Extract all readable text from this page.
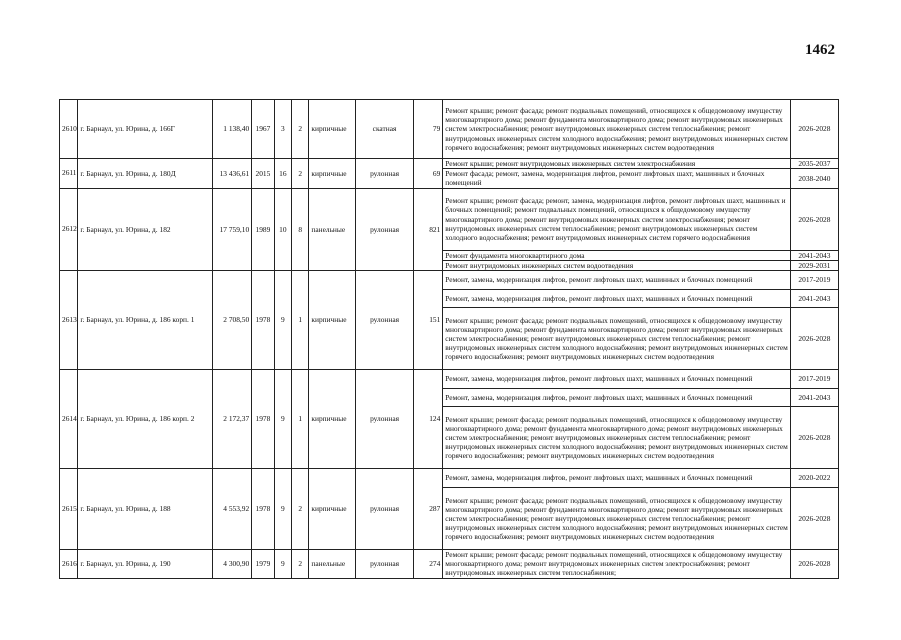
1462
2610	г. Барнаул, ул. Юрина, д. 166Г	1 138,40	1967	3	2	кирпичные	скатная	79	Ремонт крыши; ремонт фасада; ремонт подвальных помещений, относящихся к общедомовому имуществу многоквартирного дома; ремонт фундамента многоквартирного дома; ремонт внутридомовых инженерных систем электроснабжения; ремонт внутридомовых инженерных систем теплоснабжения; ремонт внутридомовых инженерных систем холодного водоснабжения; ремонт внутридомовых инженерных систем горячего водоснабжения; ремонт внутридомовых инженерных систем водоотведения	2026-2028
2611	г. Барнаул, ул. Юрина, д. 180Д	13 436,61	2015	16	2	кирпичные	рулонная	69	Ремонт крыши; ремонт внутридомовых инженерных систем электроснабжения	2035-2037
									Ремонт фасада; ремонт, замена, модернизация лифтов, ремонт лифтовых шахт, машинных и блочных помещений	2038-2040
2612	г. Барнаул, ул. Юрина, д. 182	17 759,10	1989	10	8	панельные	рулонная	821	Ремонт крыши; ремонт фасада; ремонт, замена, модернизация лифтов, ремонт лифтовых шахт, машинных и блочных помещений; ремонт подвальных помещений, относящихся к общедомовому имуществу многоквартирного дома; ремонт внутридомовых инженерных систем электроснабжения; ремонт внутридомовых инженерных систем теплоснабжения; ремонт внутридомовых инженерных систем холодного водоснабжения; ремонт внутридомовых инженерных систем горячего водоснабжения	2026-2028
									Ремонт фундамента многоквартирного дома	2041-2043
									Ремонт внутридомовых инженерных систем водоотведения	2029-2031
2613	г. Барнаул, ул. Юрина, д. 186 корп. 1	2 708,50	1978	9	1	кирпичные	рулонная	151	Ремонт, замена, модернизация лифтов, ремонт лифтовых шахт, машинных и блочных помещений	2017-2019
									Ремонт, замена, модернизация лифтов, ремонт лифтовых шахт, машинных и блочных помещений	2041-2043
									Ремонт крыши; ремонт фасада; ремонт подвальных помещений, относящихся к общедомовому имуществу многоквартирного дома; ремонт фундамента многоквартирного дома; ремонт внутридомовых инженерных систем электроснабжения; ремонт внутридомовых инженерных систем теплоснабжения; ремонт внутридомовых инженерных систем холодного водоснабжения; ремонт внутридомовых инженерных систем горячего водоснабжения; ремонт внутридомовых инженерных систем водоотведения	2026-2028
2614	г. Барнаул, ул. Юрина, д. 186 корп. 2	2 172,37	1978	9	1	кирпичные	рулонная	124	Ремонт, замена, модернизация лифтов, ремонт лифтовых шахт, машинных и блочных помещений	2017-2019
									Ремонт, замена, модернизация лифтов, ремонт лифтовых шахт, машинных и блочных помещений	2041-2043
									Ремонт крыши; ремонт фасада; ремонт подвальных помещений, относящихся к общедомовому имуществу многоквартирного дома; ремонт фундамента многоквартирного дома; ремонт внутридомовых инженерных систем электроснабжения; ремонт внутридомовых инженерных систем теплоснабжения; ремонт внутридомовых инженерных систем холодного водоснабжения; ремонт внутридомовых инженерных систем горячего водоснабжения; ремонт внутридомовых инженерных систем водоотведения	2026-2028
2615	г. Барнаул, ул. Юрина, д. 188	4 553,92	1978	9	2	кирпичные	рулонная	287	Ремонт, замена, модернизация лифтов, ремонт лифтовых шахт, машинных и блочных помещений	2020-2022
									Ремонт крыши; ремонт фасада; ремонт подвальных помещений, относящихся к общедомовому имуществу многоквартирного дома; ремонт фундамента многоквартирного дома; ремонт внутридомовых инженерных систем электроснабжения; ремонт внутридомовых инженерных систем теплоснабжения; ремонт внутридомовых инженерных систем холодного водоснабжения; ремонт внутридомовых инженерных систем горячего водоснабжения; ремонт внутридомовых инженерных систем водоотведения	2026-2028
2616	г. Барнаул, ул. Юрина, д. 190	4 300,90	1979	9	2	панельные	рулонная	274	Ремонт крыши; ремонт фасада; ремонт подвальных помещений, относящихся к общедомовому имуществу многоквартирного дома; ремонт внутридомовых инженерных систем электроснабжения; ремонт внутридомовых инженерных систем теплоснабжения;	2026-2028
